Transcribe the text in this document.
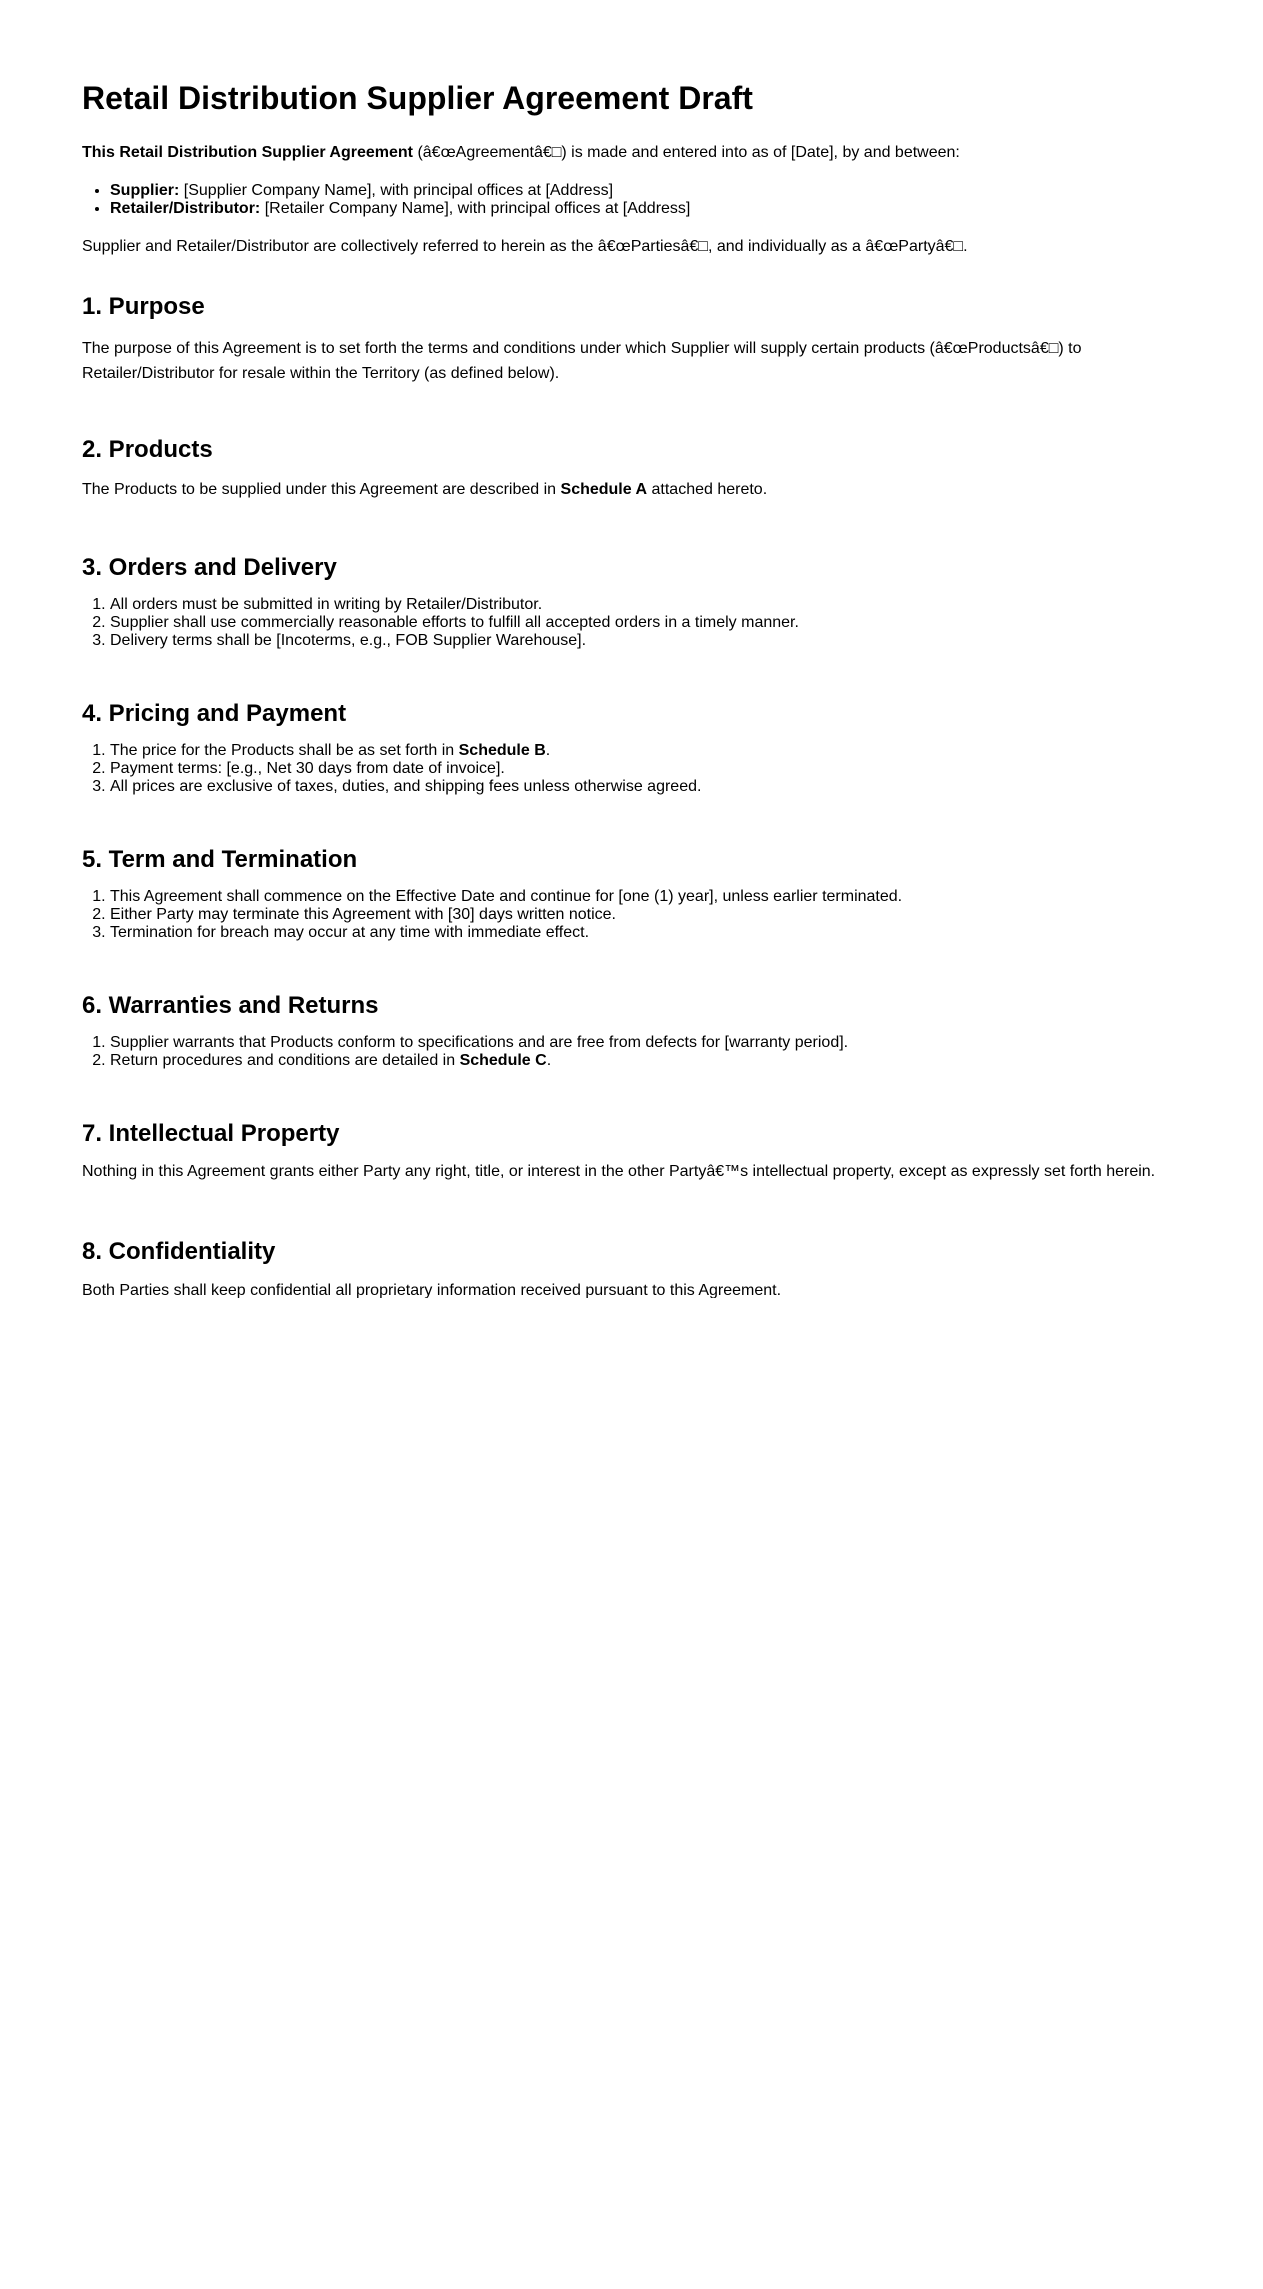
Retail Distribution Supplier Agreement Draft

This Retail Distribution Supplier Agreement (â€œAgreementâ€□) is made and entered into as of [Date], by and between:

• Supplier: [Supplier Company Name], with principal offices at [Address]
• Retailer/Distributor: [Retailer Company Name], with principal offices at [Address]

Supplier and Retailer/Distributor are collectively referred to herein as the â€œPartiesâ€□, and individually as a â€œPartyâ€□.

1. Purpose

The purpose of this Agreement is to set forth the terms and conditions under which Supplier will supply certain products (â€œProductsâ€□) to Retailer/Distributor for resale within the Territory (as defined below).

2. Products

The Products to be supplied under this Agreement are described in Schedule A attached hereto.

3. Orders and Delivery
1. All orders must be submitted in writing by Retailer/Distributor.
2. Supplier shall use commercially reasonable efforts to fulfill all accepted orders in a timely manner.
3. Delivery terms shall be [Incoterms, e.g., FOB Supplier Warehouse].
4. Pricing and Payment
1. The price for the Products shall be as set forth in Schedule B.
2. Payment terms: [e.g., Net 30 days from date of invoice].
3. All prices are exclusive of taxes, duties, and shipping fees unless otherwise agreed.
5. Term and Termination
1. This Agreement shall commence on the Effective Date and continue for [one (1) year], unless earlier terminated.
2. Either Party may terminate this Agreement with [30] days written notice.
3. Termination for breach may occur at any time with immediate effect.
6. Warranties and Returns
1. Supplier warrants that Products conform to specifications and are free from defects for [warranty period].
2. Return procedures and conditions are detailed in Schedule C.
7. Intellectual Property

Nothing in this Agreement grants either Party any right, title, or interest in the other Partyâ€™s intellectual property, except as expressly set forth herein.

8. Confidentiality

Both Parties shall keep confidential all proprietary information received pursuant to this Agreement.
